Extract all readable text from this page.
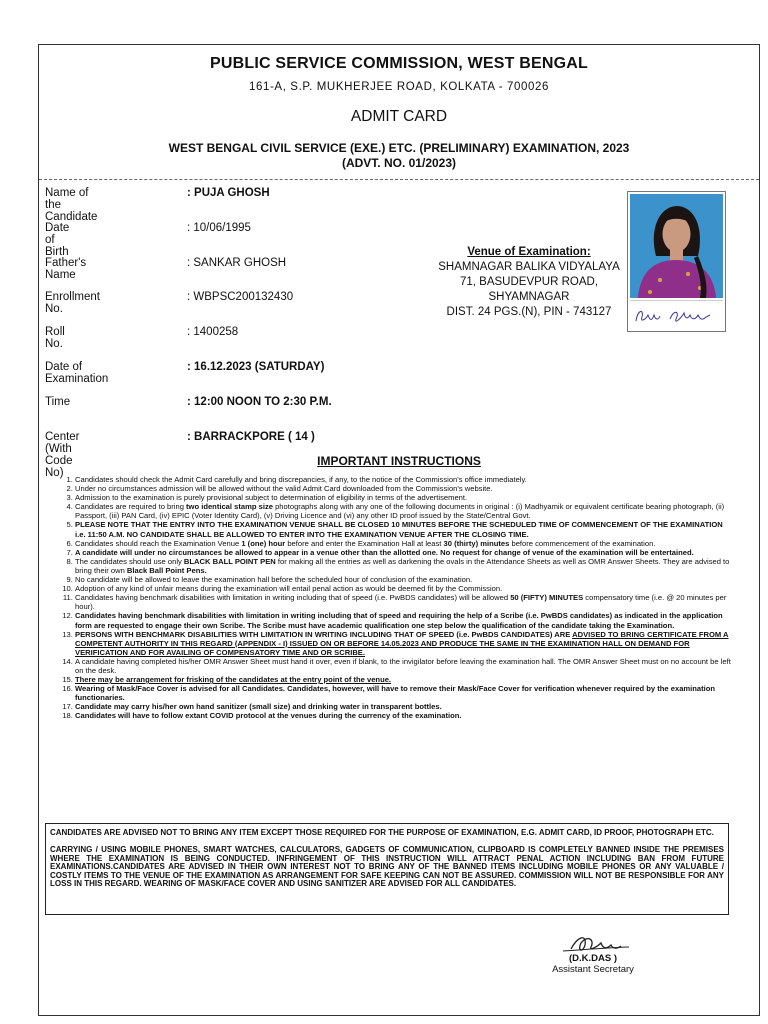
PUBLIC SERVICE COMMISSION, WEST BENGAL
161-A, S.P. MUKHERJEE ROAD, KOLKATA - 700026
ADMIT CARD
WEST BENGAL CIVIL SERVICE (EXE.) ETC. (PRELIMINARY) EXAMINATION, 2023
(ADVT. NO. 01/2023)
Name of the Candidate
: PUJA GHOSH
Date of Birth
: 10/06/1995
Father's Name
: SANKAR GHOSH
Enrollment No.
: WBPSC200132430
Roll No.
: 1400258
Date of Examination
: 16.12.2023 (SATURDAY)
Time	: 12:00 NOON TO 2:30 P.M.
Center (With Code No)
: BARRACKPORE ( 14 )
Venue of Examination:
SHAMNAGAR BALIKA VIDYALAYA
71, BASUDEVPUR ROAD,
SHYAMNAGAR
DIST. 24 PGS.(N), PIN - 743127
IMPORTANT INSTRUCTIONS
1. Candidates should check the Admit Card carefully and bring discrepancies, if any, to the notice of the Commission's office immediately.
2. Under no circumstances admission will be allowed without the valid Admit Card downloaded from the Commission's website.
3. Admission to the examination is purely provisional subject to determination of eligibility in terms of the advertisement.
4. Candidates are required to bring two identical stamp size photographs along with any one of the following documents in original : (i) Madhyamik or equivalent certificate bearing photograph, (ii) Passport, (iii) PAN Card, (iv) EPIC (Voter Identity Card), (v) Driving Licence and (vi) any other ID proof issued by the State/Central Govt.
5. PLEASE NOTE THAT THE ENTRY INTO THE EXAMINATION VENUE SHALL BE CLOSED 10 MINUTES BEFORE THE SCHEDULED TIME OF COMMENCEMENT OF THE EXAMINATION i.e. 11:50 A.M. NO CANDIDATE SHALL BE ALLOWED TO ENTER INTO THE EXAMINATION VENUE AFTER THE CLOSING TIME.
6. Candidates should reach the Examination Venue 1 (one) hour before and enter the Examination Hall at least 30 (thirty) minutes before commencement of the examination.
7. A candidate will under no circumstances be allowed to appear in a venue other than the allotted one. No request for change of venue of the examination will be entertained.
8. The candidates should use only BLACK BALL POINT PEN for making all the entries as well as darkening the ovals in the Attendance Sheets as well as OMR Answer Sheets. They are advised to bring their own Black Ball Point Pens.
9. No candidate will be allowed to leave the examination hall before the scheduled hour of conclusion of the examination.
10. Adoption of any kind of unfair means during the examination will entail penal action as would be deemed fit by the Commission.
11. Candidates having benchmark disabilities with limitation in writing including that of speed (i.e. PwBDS candidates) will be allowed 50 (FIFTY) MINUTES compensatory time (i.e. @ 20 minutes per hour).
12. Candidates having benchmark disabilities with limitation in writing including that of speed and requiring the help of a Scribe (i.e. PwBDS candidates) as indicated in the application form are requested to engage their own Scribe. The Scribe must have academic qualification one step below the qualification of the candidate taking the Examination.
13. PERSONS WITH BENCHMARK DISABILITIES WITH LIMITATION IN WRITING INCLUDING THAT OF SPEED (i.e. PwBDS CANDIDATES) ARE ADVISED TO BRING CERTIFICATE FROM A COMPETENT AUTHORITY IN THIS REGARD (APPENDIX - I) ISSUED ON OR BEFORE 14.05.2023 AND PRODUCE THE SAME IN THE EXAMINATION HALL ON DEMAND FOR VERIFICATION AND FOR AVAILING OF COMPENSATORY TIME AND OR SCRIBE.
14. A candidate having completed his/her OMR Answer Sheet must hand it over, even if blank, to the invigilator before leaving the examination hall. The OMR Answer Sheet must on no account be left on the desk.
15. There may be arrangement for frisking of the candidates at the entry point of the venue.
16. Wearing of Mask/Face Cover is advised for all Candidates. Candidates, however, will have to remove their Mask/Face Cover for verification whenever required by the examination functionaries.
17. Candidate may carry his/her own hand sanitizer (small size) and drinking water in transparent bottles.
18. Candidates will have to follow extant COVID protocol at the venues during the currency of the examination.

CANDIDATES ARE ADVISED NOT TO BRING ANY ITEM EXCEPT THOSE REQUIRED FOR THE PURPOSE OF EXAMINATION, E.G. ADMIT CARD, ID PROOF, PHOTOGRAPH ETC.

CARRYING / USING MOBILE PHONES, SMART WATCHES, CALCULATORS, GADGETS OF COMMUNICATION, CLIPBOARD IS COMPLETELY BANNED INSIDE THE PREMISES WHERE THE EXAMINATION IS BEING CONDUCTED. INFRINGEMENT OF THIS INSTRUCTION WILL ATTRACT PENAL ACTION INCLUDING BAN FROM FUTURE EXAMINATIONS.CANDIDATES ARE ADVISED IN THEIR OWN INTEREST NOT TO BRING ANY OF THE BANNED ITEMS INCLUDING MOBILE PHONES OR ANY VALUABLE / COSTLY ITEMS TO THE VENUE OF THE EXAMINATION AS ARRANGEMENT FOR SAFE KEEPING CAN NOT BE ASSURED. COMMISSION WILL NOT BE RESPONSIBLE FOR ANY LOSS IN THIS REGARD. WEARING OF MASK/FACE COVER AND USING SANITIZER ARE ADVISED FOR ALL CANDIDATES.

(D.K.DAS )
Assistant Secretary
